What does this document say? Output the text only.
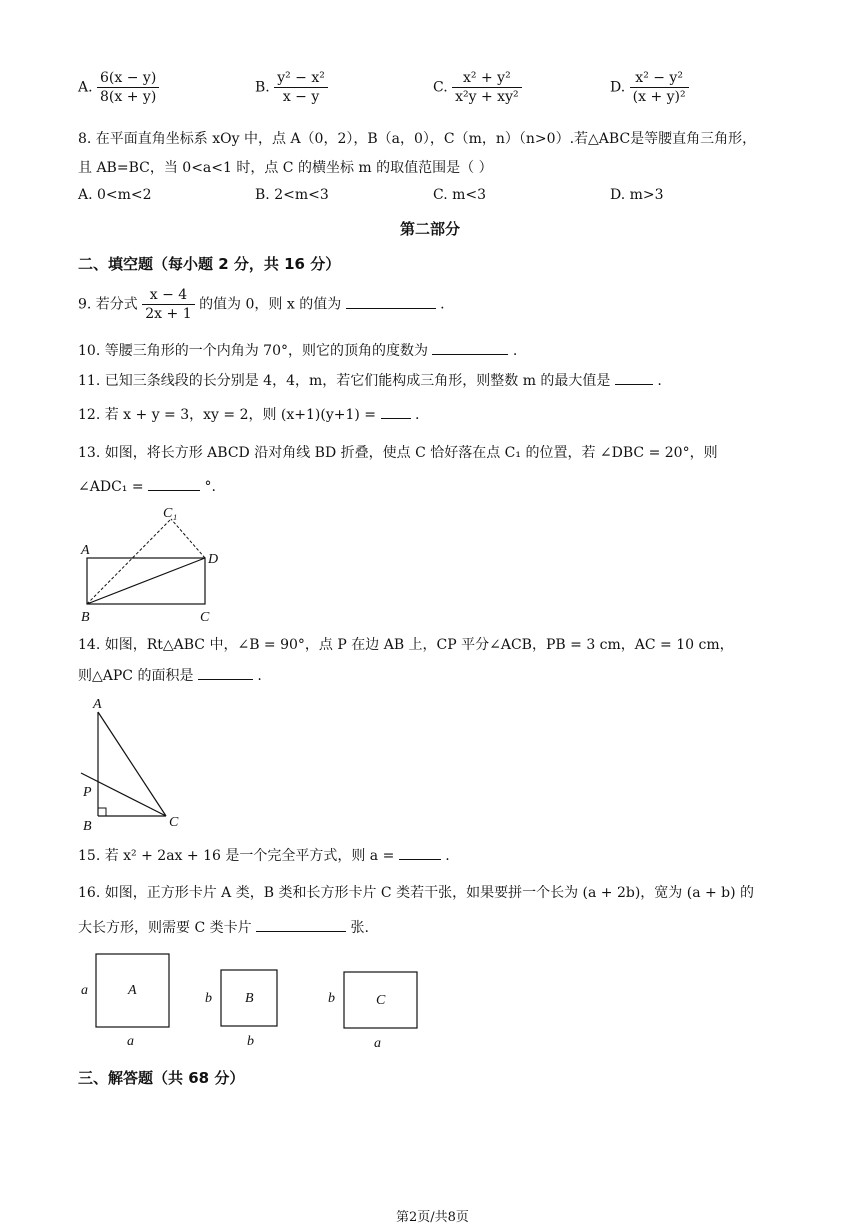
A. $\frac{6(x - y)}{8(x + y)}$	B. $\frac{\text{y² − x²}}{x - y}$	C. $\frac{\text{x² + y²}}{\text{x²y + xy²}}$	D. $\frac{\text{x² − y²}}{\text{(x + y)²}}$
8. 在平面直角坐标系 xOy 中，点 A（0，2），B（a，0），C（m，n）（n>0）.若△ABC是等腰直角三角形，
且 AB=BC，当 0<a<1 时，点 C 的横坐标 m 的取值范围是（ ）
A. 0<m<2	B. 2<m<3	C. m<3	D. m>3
第二部分
二、填空题（每小题 2 分，共 16 分）
9. 若分式 $\frac{x - 4}{2x + 1}$ 的值为 0，则 x 的值为	.
10. 等腰三角形的一个内角为 70°，则它的顶角的度数为	.
11. 已知三条线段的长分别是 4，4，m，若它们能构成三角形，则整数 m 的最大值是	.
12. 若 x + y = 3，xy = 2，则 (x+1)(y+1) =	.
13. 如图，将长方形 ABCD 沿对角线 BD 折叠，使点 C 恰好落在点 C₁ 的位置，若 ∠DBC = 20°，则
∠ADC₁ =	°.
C₁
A
D
B	C
14. 如图，Rt△ABC 中，∠B = 90°，点 P 在边 AB 上，CP 平分∠ACB，PB = 3 cm，AC = 10 cm，
则△APC 的面积是	.
A
P
B	C
15. 若 x² + 2ax + 16 是一个完全平方式，则 a =	.
16. 如图，正方形卡片 A 类，B 类和长方形卡片 C 类若干张，如果要拼一个长为 (a + 2b)，宽为 (a + b) 的
大长方形，则需要 C 类卡片	张.
A
a
a
B
b
b
C
b
a
三、解答题（共 68 分）
第2页/共8页
